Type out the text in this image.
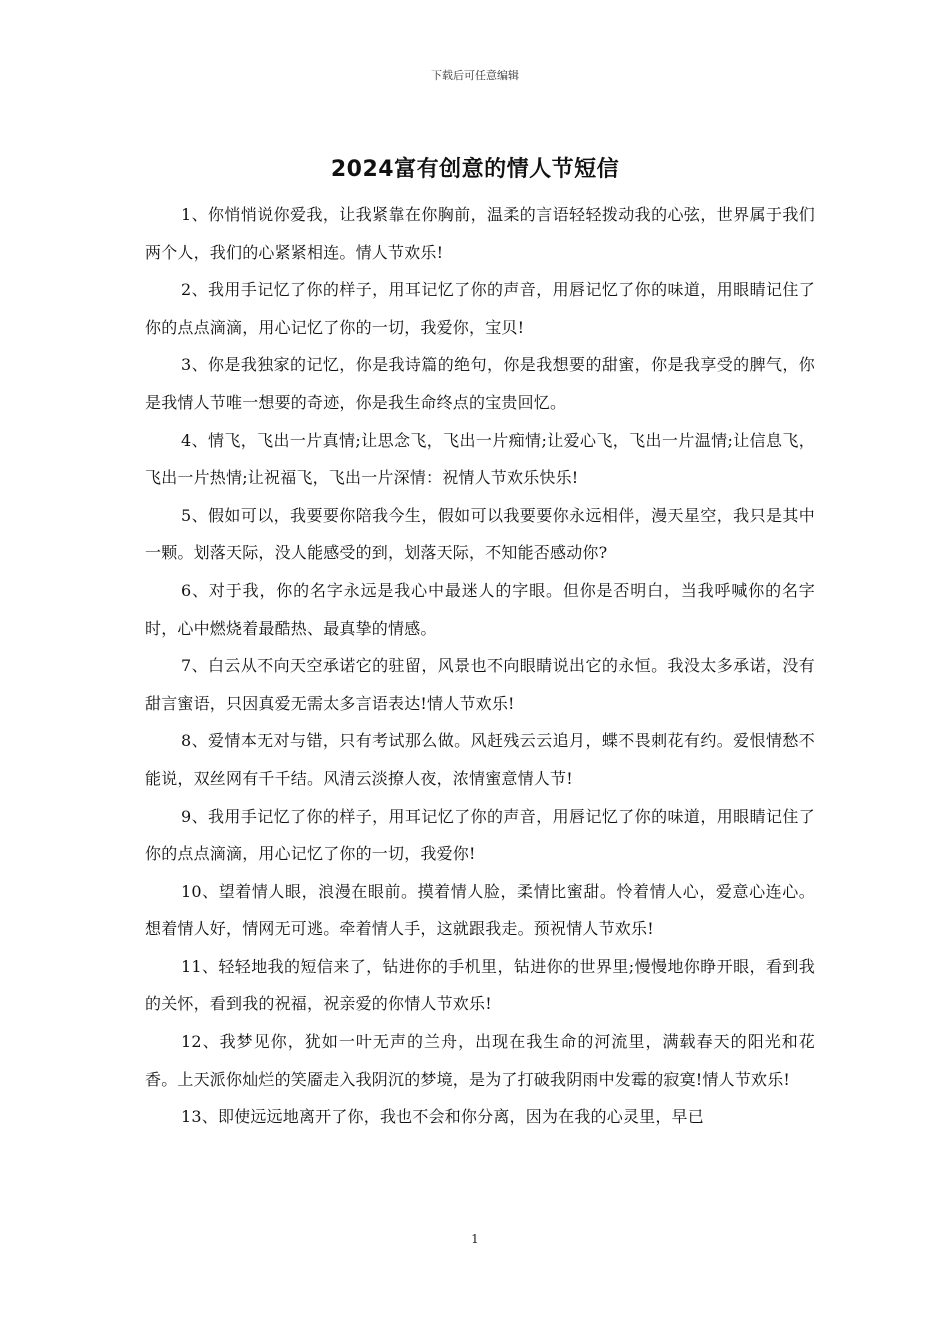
下载后可任意编辑
2024富有创意的情人节短信

1、你悄悄说你爱我，让我紧靠在你胸前，温柔的言语轻轻拨动我的心弦，世界属于我们两个人，我们的心紧紧相连。情人节欢乐!

2、我用手记忆了你的样子，用耳记忆了你的声音，用唇记忆了你的味道，用眼睛记住了你的点点滴滴，用心记忆了你的一切，我爱你，宝贝!

3、你是我独家的记忆，你是我诗篇的绝句，你是我想要的甜蜜，你是我享受的脾气，你是我情人节唯一想要的奇迹，你是我生命终点的宝贵回忆。

4、情飞，飞出一片真情;让思念飞，飞出一片痴情;让爱心飞，飞出一片温情;让信息飞，飞出一片热情;让祝福飞，飞出一片深情：祝情人节欢乐快乐!

5、假如可以，我要要你陪我今生，假如可以我要要你永远相伴，漫天星空，我只是其中一颗。划落天际，没人能感受的到，划落天际，不知能否感动你?

6、对于我，你的名字永远是我心中最迷人的字眼。但你是否明白，当我呼喊你的名字时，心中燃烧着最酷热、最真挚的情感。

7、白云从不向天空承诺它的驻留，风景也不向眼睛说出它的永恒。我没太多承诺，没有甜言蜜语，只因真爱无需太多言语表达!情人节欢乐!

8、爱情本无对与错，只有考试那么做。风赶残云云追月，蝶不畏刺花有约。爱恨情愁不能说，双丝网有千千结。风清云淡撩人夜，浓情蜜意情人节!

9、我用手记忆了你的样子，用耳记忆了你的声音，用唇记忆了你的味道，用眼睛记住了你的点点滴滴，用心记忆了你的一切，我爱你!

10、望着情人眼，浪漫在眼前。摸着情人脸，柔情比蜜甜。怜着情人心，爱意心连心。想着情人好，情网无可逃。牵着情人手，这就跟我走。预祝情人节欢乐!

11、轻轻地我的短信来了，钻进你的手机里，钻进你的世界里;慢慢地你睁开眼，看到我的关怀，看到我的祝福，祝亲爱的你情人节欢乐!

12、我梦见你，犹如一叶无声的兰舟，出现在我生命的河流里，满载春天的阳光和花香。上天派你灿烂的笑靥走入我阴沉的梦境，是为了打破我阴雨中发霉的寂寞!情人节欢乐!

13、即使远远地离开了你，我也不会和你分离，因为在我的心灵里，早已

1
